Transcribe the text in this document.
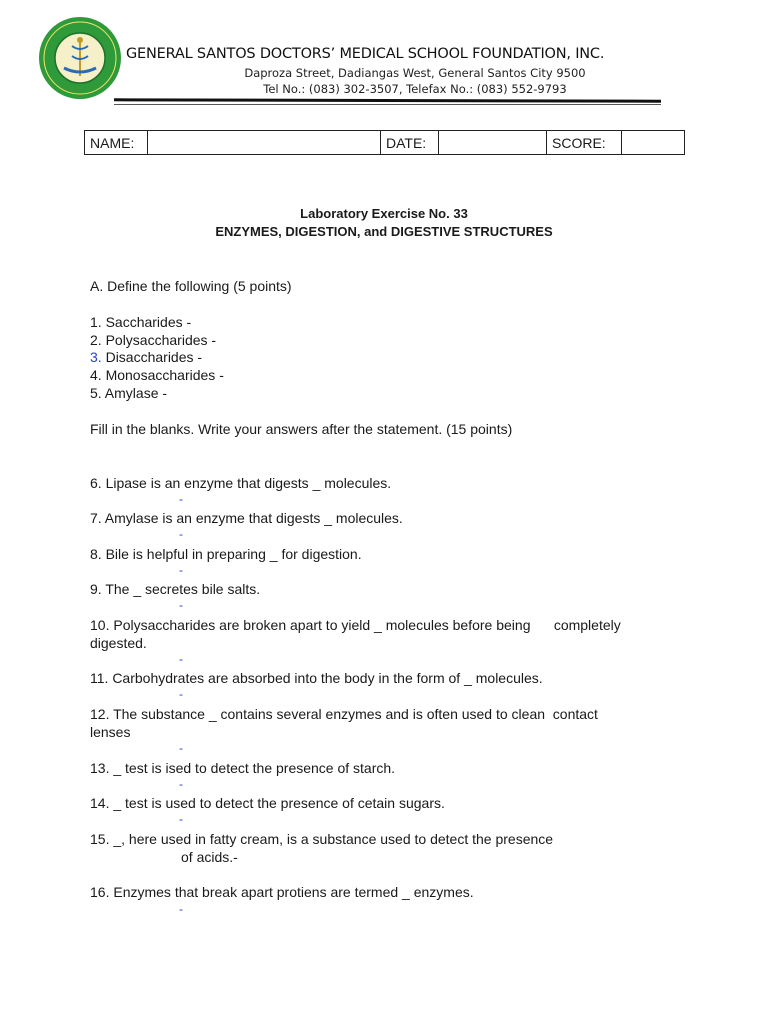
GENERAL SANTOS DOCTORS’ MEDICAL SCHOOL FOUNDATION, INC.
Daproza Street, Dadiangas West, General Santos City 9500
Tel No.: (083) 302-3507, Telefax No.: (083) 552-9793
NAME:		DATE:		SCORE:	
Laboratory Exercise No. 33
ENZYMES, DIGESTION, and DIGESTIVE STRUCTURES
A. Define the following (5 points)
1. Saccharides -
2. Polysaccharides -
3. Disaccharides -
4. Monosaccharides -
5. Amylase -
Fill in the blanks. Write your answers after the statement. (15 points)
6. Lipase is an enzyme that digests _ molecules.
-
7. Amylase is an enzyme that digests _ molecules.
-
8. Bile is helpful in preparing _ for digestion.
-
9. The _ secretes bile salts.
-
10. Polysaccharides are broken apart to yield _ molecules before being      completely
digested.
-
11. Carbohydrates are absorbed into the body in the form of _ molecules.
-
12. The substance _ contains several enzymes and is often used to clean  contact
lenses
-
13. _ test is ised to detect the presence of starch.
-
14. _ test is used to detect the presence of cetain sugars.
-
15. _, here used in fatty cream, is a substance used to detect the presence
of acids.-
16. Enzymes that break apart protiens are termed _ enzymes.
-
